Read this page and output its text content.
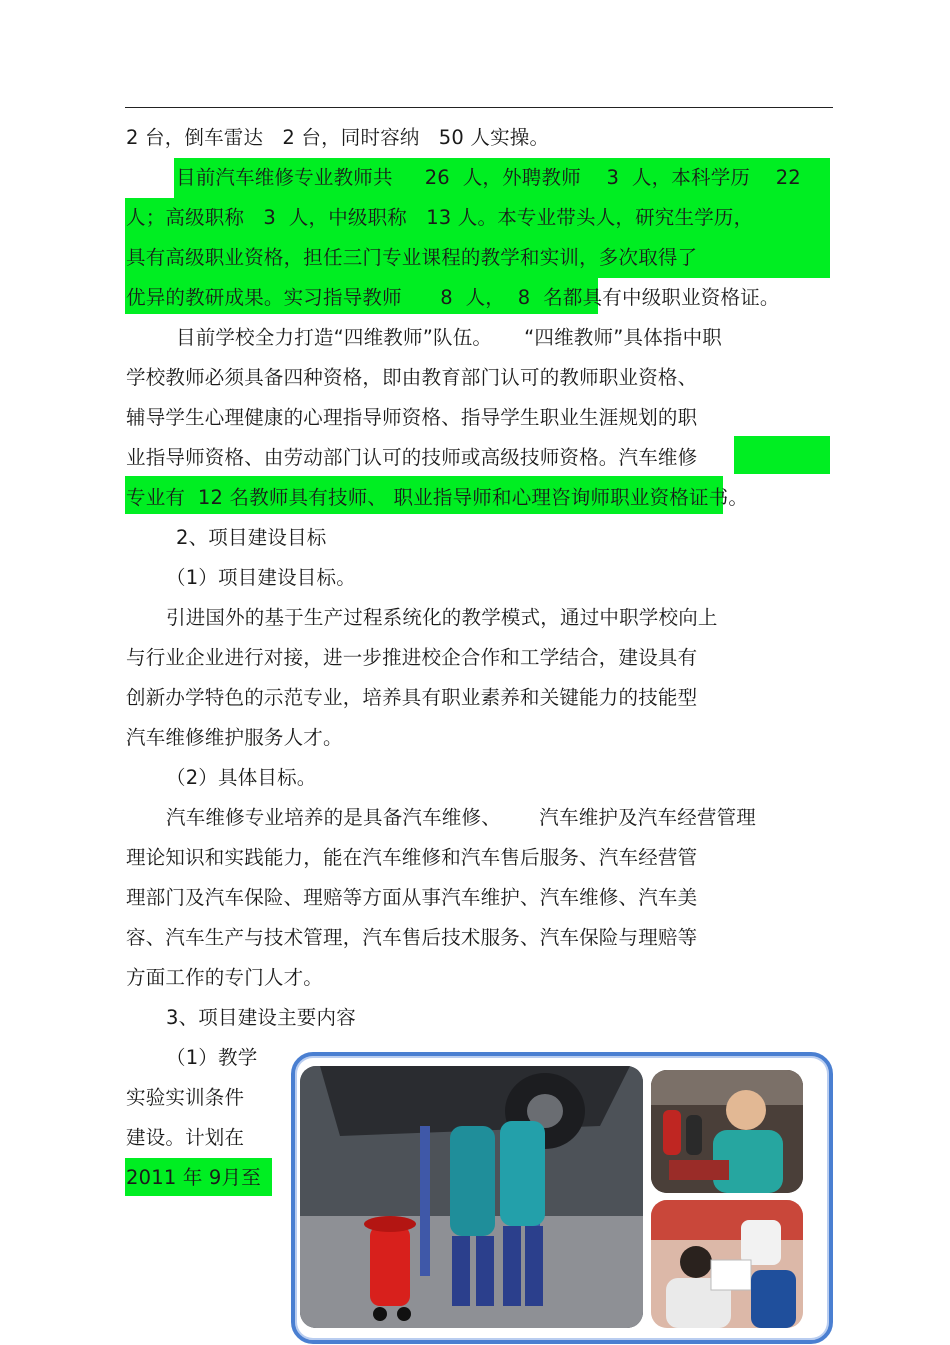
2 台，倒车雷达   2 台，同时容纳   50 人实操。
目前汽车维修专业教师共     26  人，外聘教师    3  人，本科学历    22
人；高级职称   3  人，中级职称   13 人。本专业带头人，研究生学历，
具有高级职业资格，担任三门专业课程的教学和实训，多次取得了
优异的教研成果。实习指导教师      8  人，  8  名都具有中级职业资格证。
目前学校全力打造“四维教师”队伍。     “四维教师”具体指中职
学校教师必须具备四种资格，即由教育部门认可的教师职业资格、
辅导学生心理健康的心理指导师资格、指导学生职业生涯规划的职
业指导师资格、由劳动部门认可的技师或高级技师资格。汽车维修
专业有  12 名教师具有技师、 职业指导师和心理咨询师职业资格证书。
2、项目建设目标
（1）项目建设目标。
引进国外的基于生产过程系统化的教学模式，通过中职学校向上
与行业企业进行对接，进一步推进校企合作和工学结合，建设具有
创新办学特色的示范专业，培养具有职业素养和关键能力的技能型
汽车维修维护服务人才。
（2）具体目标。
汽车维修专业培养的是具备汽车维修、      汽车维护及汽车经营管理
理论知识和实践能力，能在汽车维修和汽车售后服务、汽车经营管
理部门及汽车保险、理赔等方面从事汽车维护、汽车维修、汽车美
容、汽车生产与技术管理，汽车售后技术服务、汽车保险与理赔等
方面工作的专门人才。
3、项目建设主要内容
（1）教学
实验实训条件
建设。计划在
2011 年 9月至
